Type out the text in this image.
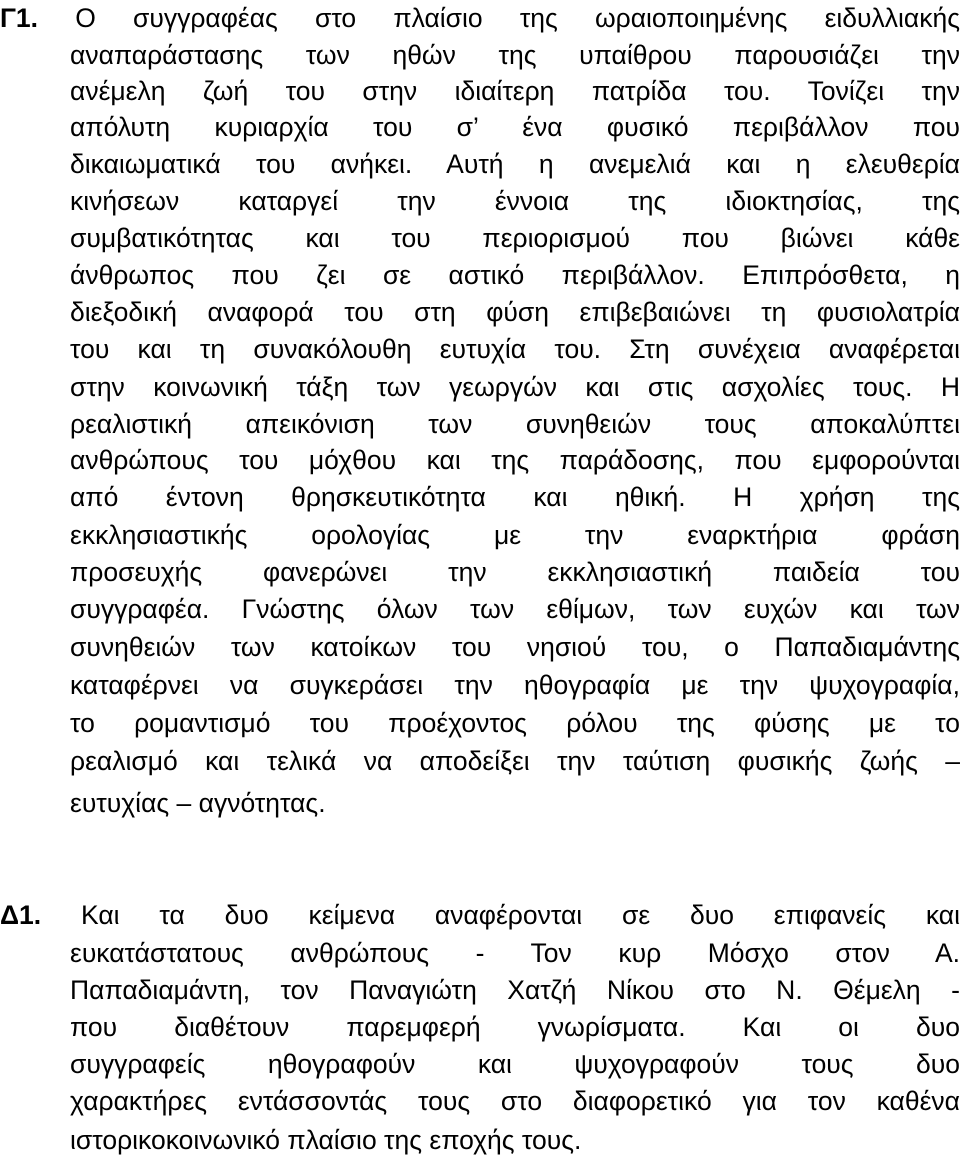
Γ1. Ο συγγραφέας στο πλαίσιο της ωραιοποιημένης ειδυλλιακής
αναπαράστασης των ηθών της υπαίθρου παρουσιάζει την
ανέμελη ζωή του στην ιδιαίτερη πατρίδα του. Τονίζει την
απόλυτη κυριαρχία του σ’ ένα φυσικό περιβάλλον που
δικαιωματικά του ανήκει. Αυτή η ανεμελιά και η ελευθερία
κινήσεων καταργεί την έννοια της ιδιοκτησίας, της
συμβατικότητας και του περιορισμού που βιώνει κάθε
άνθρωπος που ζει σε αστικό περιβάλλον. Επιπρόσθετα, η
διεξοδική αναφορά του στη φύση επιβεβαιώνει τη φυσιολατρία
του και τη συνακόλουθη ευτυχία του. Στη συνέχεια αναφέρεται
στην κοινωνική τάξη των γεωργών και στις ασχολίες τους. Η
ρεαλιστική απεικόνιση των συνηθειών τους αποκαλύπτει
ανθρώπους του μόχθου και της παράδοσης, που εμφορούνται
από έντονη θρησκευτικότητα και ηθική. Η χρήση της
εκκλησιαστικής ορολογίας με την εναρκτήρια φράση
προσευχής φανερώνει την εκκλησιαστική παιδεία του
συγγραφέα. Γνώστης όλων των εθίμων, των ευχών και των
συνηθειών των κατοίκων του νησιού του, ο Παπαδιαμάντης
καταφέρνει να συγκεράσει την ηθογραφία με την ψυχογραφία,
το ρομαντισμό του προέχοντος ρόλου της φύσης με το
ρεαλισμό και τελικά να αποδείξει την ταύτιση φυσικής ζωής –
ευτυχίας – αγνότητας.
Δ1. Και τα δυο κείμενα αναφέρονται σε δυο επιφανείς και
ευκατάστατους ανθρώπους - Τον κυρ Μόσχο στον Α.
Παπαδιαμάντη, τον Παναγιώτη Χατζή Νίκου στο Ν. Θέμελη -
που διαθέτουν παρεμφερή γνωρίσματα. Και οι δυο
συγγραφείς ηθογραφούν και ψυχογραφούν τους δυο
χαρακτήρες εντάσσοντάς τους στο διαφορετικό για τον καθένα
ιστορικοκοινωνικό πλαίσιο της εποχής τους.
